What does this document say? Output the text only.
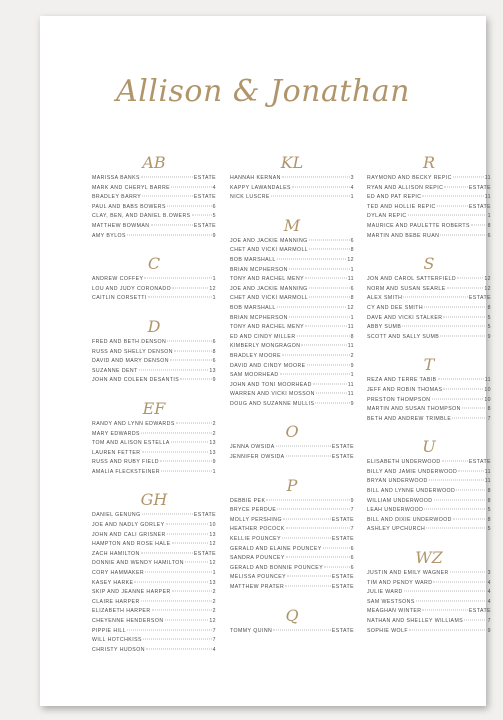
Allison & Jonathan
AB
MARISSA BANKS	ESTATE
MARK AND CHERYL BARRE	4
BRADLEY BARRY	ESTATE
PAUL AND BABS BOWERS	6
CLAY, BEN, AND DANIEL B.OWERS	5
MATTHEW BOWMAN	ESTATE
AMY BYLOS	9
C
ANDREW COFFEY	1
LOU AND JUDY CORONADO	12
CAITLIN CORSETTI	1
D
FRED AND BETH DENSON	6
RUSS AND SHELLY DENSON	8
DAVID AND MARY DENSON	6
SUZANNE DENT	13
JOHN AND COLEEN DESANTIS	9
EF
RANDY AND LYNN EDWARDS	2
MARY EDWARDS	2
TOM AND ALISON ESTELLA	13
LAUREN FETTER	13
RUSS AND RUBY FIELD	9
AMALIA FLECKSTEINER	1
GH
DANIEL GENUNG	ESTATE
JOE AND NADLY GORLEY	10
JOHN AND CALI GRISNER	13
HAMPTON AND ROSE HALE	12
ZACH HAMILTON	ESTATE
DONNIE AND WENDY HAMILTON	12
CORY HAMMAKER	1
KASEY HARKE	13
SKIP AND JEANNE HARPER	2
CLAIRE HARPER	2
ELIZABETH HARPER	2
CHEYENNE HENDERSON	12
PIPPIE HILL	7
WILL HOTCHKISS	7
CHRISTY HUDSON	4
KL
HANNAH KERNAN	3
KAPPY LAWANDALES	4
NICK LUSCRE	1
M
JOE AND JACKIE MANNING	6
CHET AND VICKI MARMOLL	8
BOB MARSHALL	12
BRIAN MCPHERSON	1
TONY AND RACHEL MENY	11
JOE AND JACKIE MANNING	6
CHET AND VICKI MARMOLL	8
BOB MARSHALL	12
BRIAN MCPHERSON	1
TONY AND RACHEL MENY	11
ED AND CINDY MILLER	8
KIMBERLY MONGRAGON	11
BRADLEY MOORE	2
DAVID AND CINDY MOORE	9
SAM MOORHEAD	1
JOHN AND TONI MOORHEAD	11
WARREN AND VICKI MOSSON	11
DOUG AND SUZANNE MULLIS	9
O
JENNA OWSIDA	ESTATE
JENNIFER OWSIDA	ESTATE
P
DEBBIE PEK	9
BRYCE PERDUE	7
MOLLY PERSHING	ESTATE
HEATHER POCOCK	7
KELLIE POUNCEY	ESTATE
GERALD AND ELAINE POUNCEY	6
SANDRA POUNCEY	6
GERALD AND BONNIE POUNCEY	6
MELISSA POUNCEY	ESTATE
MATTHEW PRATER	ESTATE
Q
TOMMY QUINN	ESTATE
R
RAYMOND AND BECKY REPIC	11
RYAN AND ALLISON REPIC	ESTATE
ED AND PAT REPIC	11
TED AND HOLLIE REPIC	ESTATE
DYLAN REPIC	1
MAURICE AND PAULETTE ROBERTS	8
MARTIN AND BEBE RUAN	6
S
JON AND CAROL SATTERFIELD	12
NORM AND SUSAN SEARLE	12
ALEX SMITH	ESTATE
CY AND DEE SMITH	8
DAVE AND VICKI STALKER	5
ABBY SUMB	5
SCOTT AND SALLY SUMB	9
T
REZA AND TERRE TABIB	11
JEFF AND ROBIN THOMAS	10
PRESTON THOMPSON	10
MARTIN AND SUSAN THOMPSON	8
BETH AND ANDREW TRIMBLE	7
U
ELISABETH UNDERWOOD	ESTATE
BILLY AND JAMIE UNDERWOOD	11
BRYAN UNDERWOOD	11
BILL AND LYNNE UNDERWOOD	8
WILLIAM UNDERWOOD	8
LEAH UNDERWOOD	5
BILL AND DIXIE UNDERWOOD	8
ASHLEY UPCHURCH	5
WZ
JUSTIN AND EMILY WAGNER	3
TIM AND PENDY WARD	4
JULIE WARD	4
SAM WESTSONS	4
MEAGHAN WINTER	ESTATE
NATHAN AND SHELLEY WILLIAMS	7
SOPHIE WOLF	9
